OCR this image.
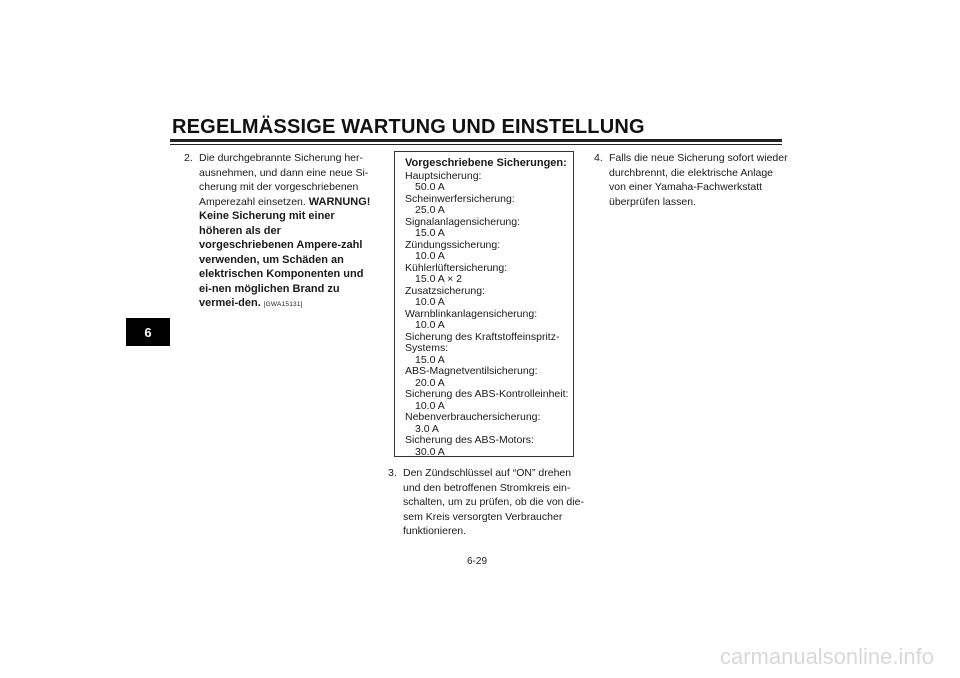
REGELMÄSSIGE WARTUNG UND EINSTELLUNG
6

2. Die durchgebrannte Sicherung her-ausnehmen, und dann eine neue Si-cherung mit der vorgeschriebenen Amperezahl einsetzen. WARNUNG! Keine Sicherung mit einer höheren als der vorgeschriebenen Ampere-zahl verwenden, um Schäden an elektrischen Komponenten und ei-nen möglichen Brand zu vermei-den. [GWA15131]

Vorgeschriebene Sicherungen:
Hauptsicherung:
50.0 A
Scheinwerfersicherung:
25.0 A
Signalanlagensicherung:
15.0 A
Zündungssicherung:
10.0 A
Kühlerlüftersicherung:
15.0 A × 2
Zusatzsicherung:
10.0 A
Warnblinkanlagensicherung:
10.0 A
Sicherung des Kraftstoffeinspritz-Systems:
15.0 A
ABS-Magnetventilsicherung:
20.0 A
Sicherung des ABS-Kontrolleinheit:
10.0 A
Nebenverbrauchersicherung:
3.0 A
Sicherung des ABS-Motors:
30.0 A

3. Den Zündschlüssel auf “ON” drehen und den betroffenen Stromkreis ein-schalten, um zu prüfen, ob die von die-sem Kreis versorgten Verbraucher funktionieren.

4. Falls die neue Sicherung sofort wieder durchbrennt, die elektrische Anlage von einer Yamaha-Fachwerkstatt überprüfen lassen.

6-29
carmanualsonline.info
